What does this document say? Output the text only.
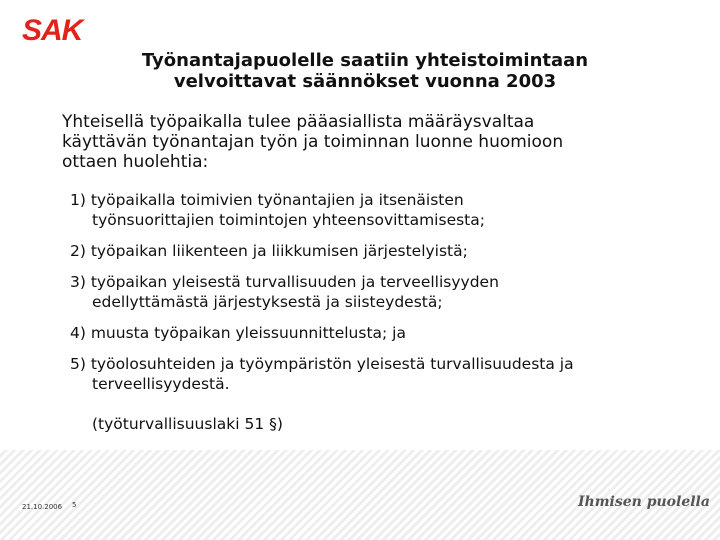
SAK
Työnantajapuolelle saatiin yhteistoimintaan
velvoittavat säännökset vuonna 2003
Yhteisellä työpaikalla tulee pääasiallista määräysvaltaa
käyttävän työnantajan työn ja toiminnan luonne huomioon
ottaen huolehtia:
1) työpaikalla toimivien työnantajien ja itsenäisten
työnsuorittajien toimintojen yhteensovittamisesta;
2) työpaikan liikenteen ja liikkumisen järjestelyistä;
3) työpaikan yleisestä turvallisuuden ja terveellisyyden
edellyttämästä järjestyksestä ja siisteydestä;
4) muusta työpaikan yleissuunnittelusta; ja
5) työolosuhteiden ja työympäristön yleisestä turvallisuudesta ja
terveellisyydestä.
(työturvallisuuslaki 51 §)
21.10.2006 5	Ihmisen puolella
